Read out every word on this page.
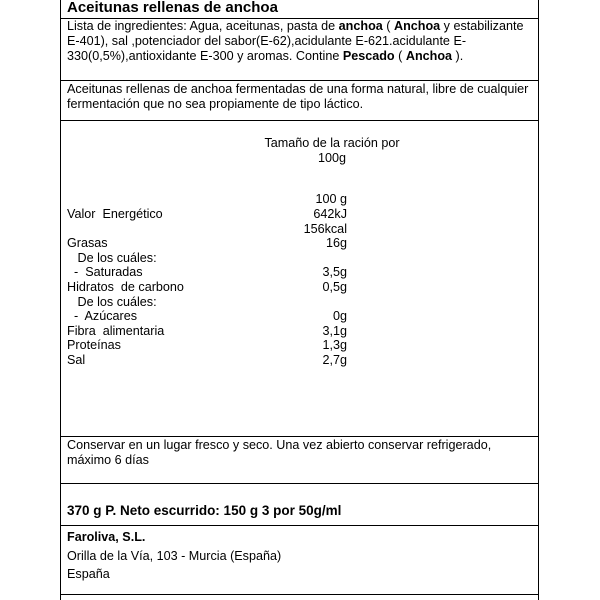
Aceitunas rellenas de anchoa
Lista de ingredientes: Agua, aceitunas, pasta de anchoa ( Anchoa y estabilizante E-401), sal ,potenciador del sabor(E-62),acidulante E-621.acidulante E-330(0,5%),antioxidante E-300 y aromas. Contine Pescado ( Anchoa ).
Aceitunas rellenas de anchoa fermentadas de una forma natural, libre de cualquier fermentación que no sea propiamente de tipo láctico.
Tamaño de la ración por
100g
100 g
Valor  Energético	642kJ
156kcal
Grasas	16g
De los cuáles:
-  Saturadas	3,5g
Hidratos  de carbono	0,5g
De los cuáles:
-  Azúcares	0g
Fibra  alimentaria	3,1g
Proteínas	1,3g
Sal	2,7g
Conservar en un lugar fresco y seco. Una vez abierto conservar refrigerado, máximo 6 días
370 g P. Neto escurrido: 150 g 3 por 50g/ml
Faroliva, S.L.
Orilla de la Vía, 103 - Murcia (España)
España
